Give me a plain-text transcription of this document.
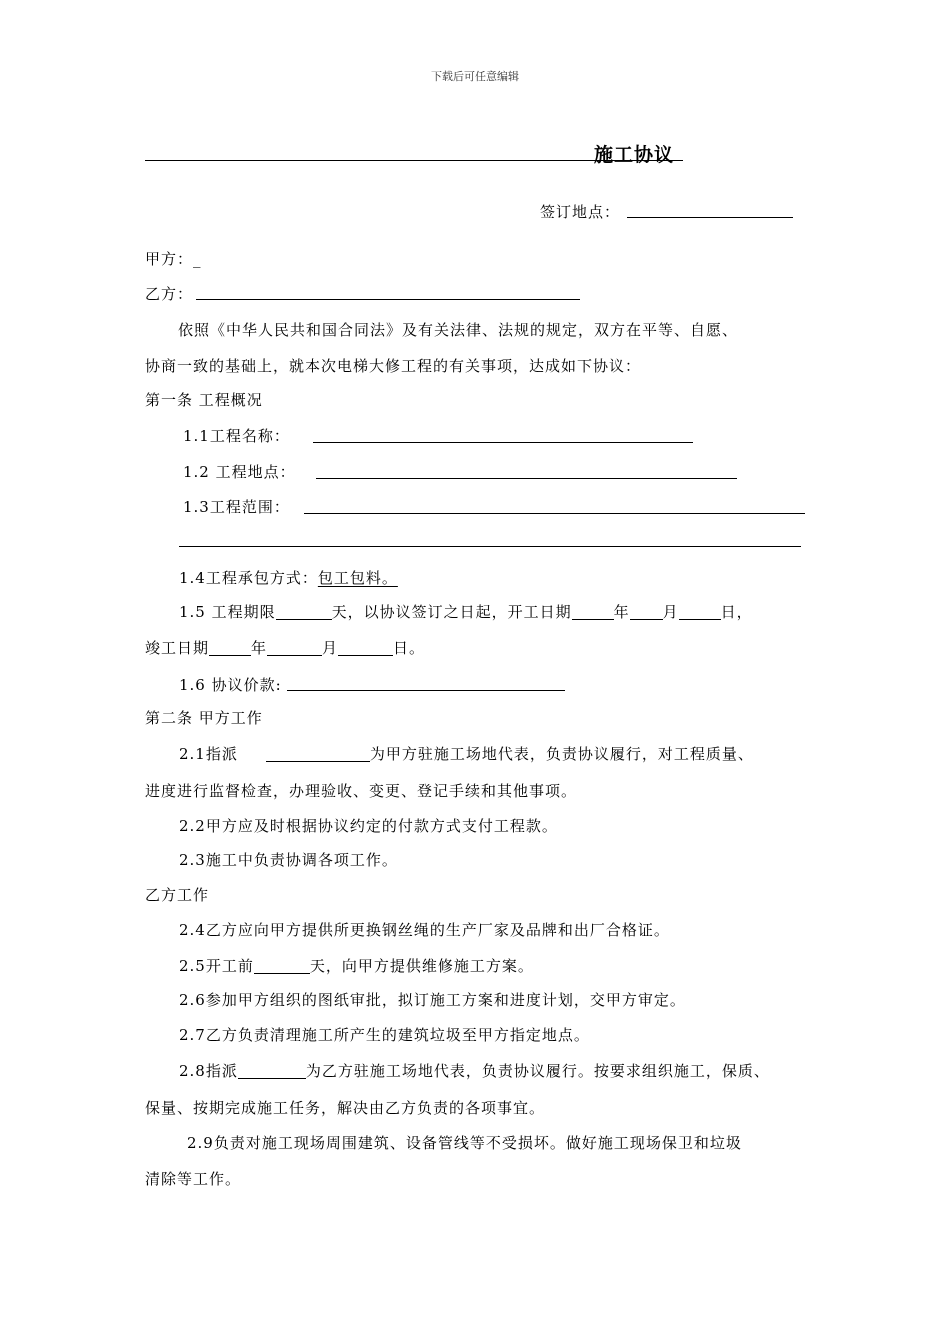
下载后可任意编辑
施工协议
签订地点：
甲方：_
乙方：
依照《中华人民共和国合同法》及有关法律、法规的规定，双方在平等、自愿、
协商一致的基础上，就本次电梯大修工程的有关事项，达成如下协议：
第一条 工程概况
1.1工程名称：
1.2 工程地点：
1.3工程范围：
1.4工程承包方式：包工包料。
1.5 工程期限	天，以协议签订之日起，开工日期	年 月	日，
竣工日期	年	月	日。
1.6 协议价款:
第二条 甲方工作
2.1指派	为甲方驻施工场地代表，负责协议履行，对工程质量、
进度进行监督检查，办理验收、变更、登记手续和其他事项。
2.2甲方应及时根据协议约定的付款方式支付工程款。
2.3施工中负责协调各项工作。
乙方工作
2.4乙方应向甲方提供所更换钢丝绳的生产厂家及品牌和出厂合格证。
2.5开工前	天，向甲方提供维修施工方案。
2.6参加甲方组织的图纸审批，拟订施工方案和进度计划，交甲方审定。
2.7乙方负责清理施工所产生的建筑垃圾至甲方指定地点。
2.8指派	为乙方驻施工场地代表，负责协议履行。按要求组织施工，保质、
保量、按期完成施工任务，解决由乙方负责的各项事宜。
2.9负责对施工现场周围建筑、设备管线等不受损坏。做好施工现场保卫和垃圾
清除等工作。
